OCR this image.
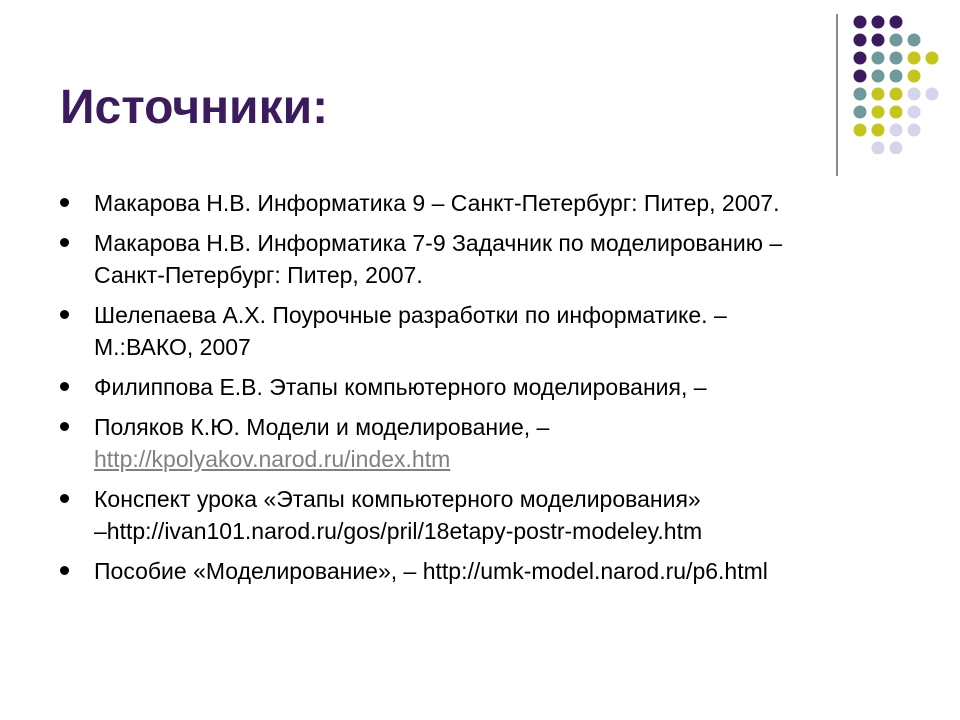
Источники:
Макарова Н.В. Информатика 9 – Санкт-Петербург: Питер, 2007.
Макарова Н.В. Информатика 7-9 Задачник по моделированию –
Санкт-Петербург: Питер, 2007.
Шелепаева А.Х. Поурочные разработки по информатике. –
М.:ВАКО, 2007
Филиппова Е.В. Этапы компьютерного моделирования, –
Поляков К.Ю. Модели и моделирование, –
http://kpolyakov.narod.ru/index.htm
Конспект урока «Этапы компьютерного моделирования»
–http://ivan101.narod.ru/gos/pril/18etapy-postr-modeley.htm
Пособие «Моделирование», – http://umk-model.narod.ru/p6.html
